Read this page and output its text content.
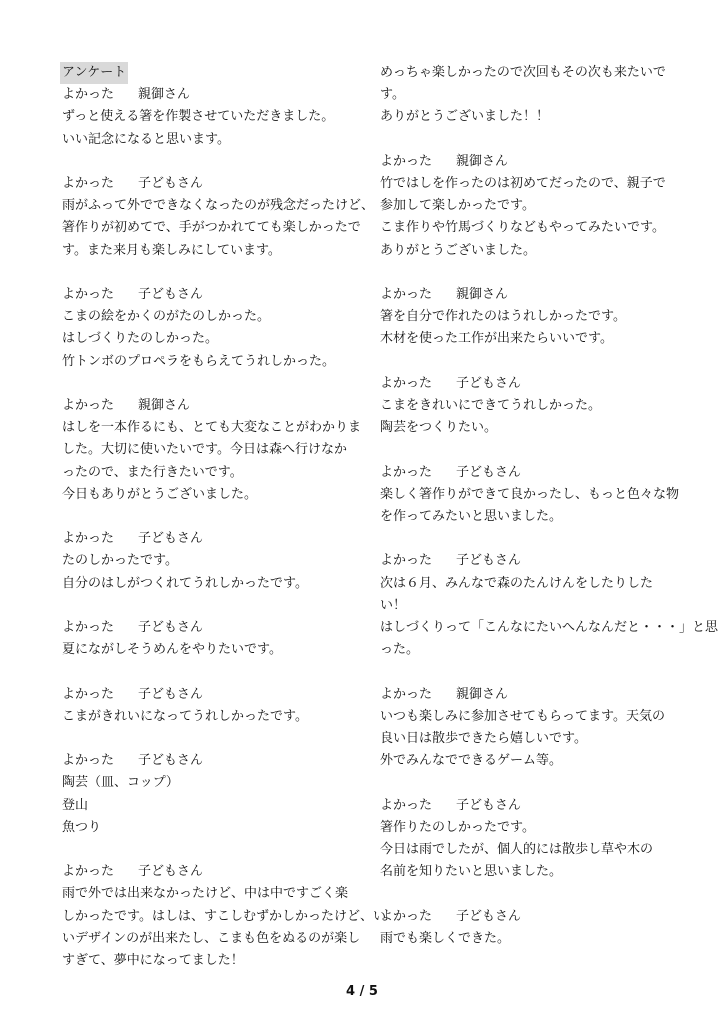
アンケート
よかった 親御さん
ずっと使える箸を作製させていただきました。
いい記念になると思います。
よかった 子どもさん
雨がふって外でできなくなったのが残念だったけど、
箸作りが初めてで、手がつかれてても楽しかったで
す。また来月も楽しみにしています。
よかった 子どもさん
こまの絵をかくのがたのしかった。
はしづくりたのしかった。
竹トンボのプロペラをもらえてうれしかった。
よかった 親御さん
はしを一本作るにも、とても大変なことがわかりま
した。大切に使いたいです。今日は森へ行けなか
ったので、また行きたいです。
今日もありがとうございました。
よかった 子どもさん
たのしかったです。
自分のはしがつくれてうれしかったです。
よかった 子どもさん
夏にながしそうめんをやりたいです。
よかった 子どもさん
こまがきれいになってうれしかったです。
よかった 子どもさん
陶芸（皿、コップ）
登山
魚つり
よかった 子どもさん
雨で外では出来なかったけど、中は中ですごく楽
しかったです。はしは、すこしむずかしかったけど、い
いデザインのが出来たし、こまも色をぬるのが楽し
すぎて、夢中になってました！
めっちゃ楽しかったので次回もその次も来たいで
す。
ありがとうございました！！
よかった 親御さん
竹ではしを作ったのは初めてだったので、親子で
参加して楽しかったです。
こま作りや竹馬づくりなどもやってみたいです。
ありがとうございました。
よかった 親御さん
箸を自分で作れたのはうれしかったです。
木材を使った工作が出来たらいいです。
よかった 子どもさん
こまをきれいにできてうれしかった。
陶芸をつくりたい。
よかった 子どもさん
楽しく箸作りができて良かったし、もっと色々な物
を作ってみたいと思いました。
よかった 子どもさん
次は６月、みんなで森のたんけんをしたりした
い！
はしづくりって「こんなにたいへんなんだと・・・」と思
った。
よかった 親御さん
いつも楽しみに参加させてもらってます。天気の
良い日は散歩できたら嬉しいです。
外でみんなでできるゲーム等。
よかった 子どもさん
箸作りたのしかったです。
今日は雨でしたが、個人的には散歩し草や木の
名前を知りたいと思いました。
よかった 子どもさん
雨でも楽しくできた。
4 / 5
